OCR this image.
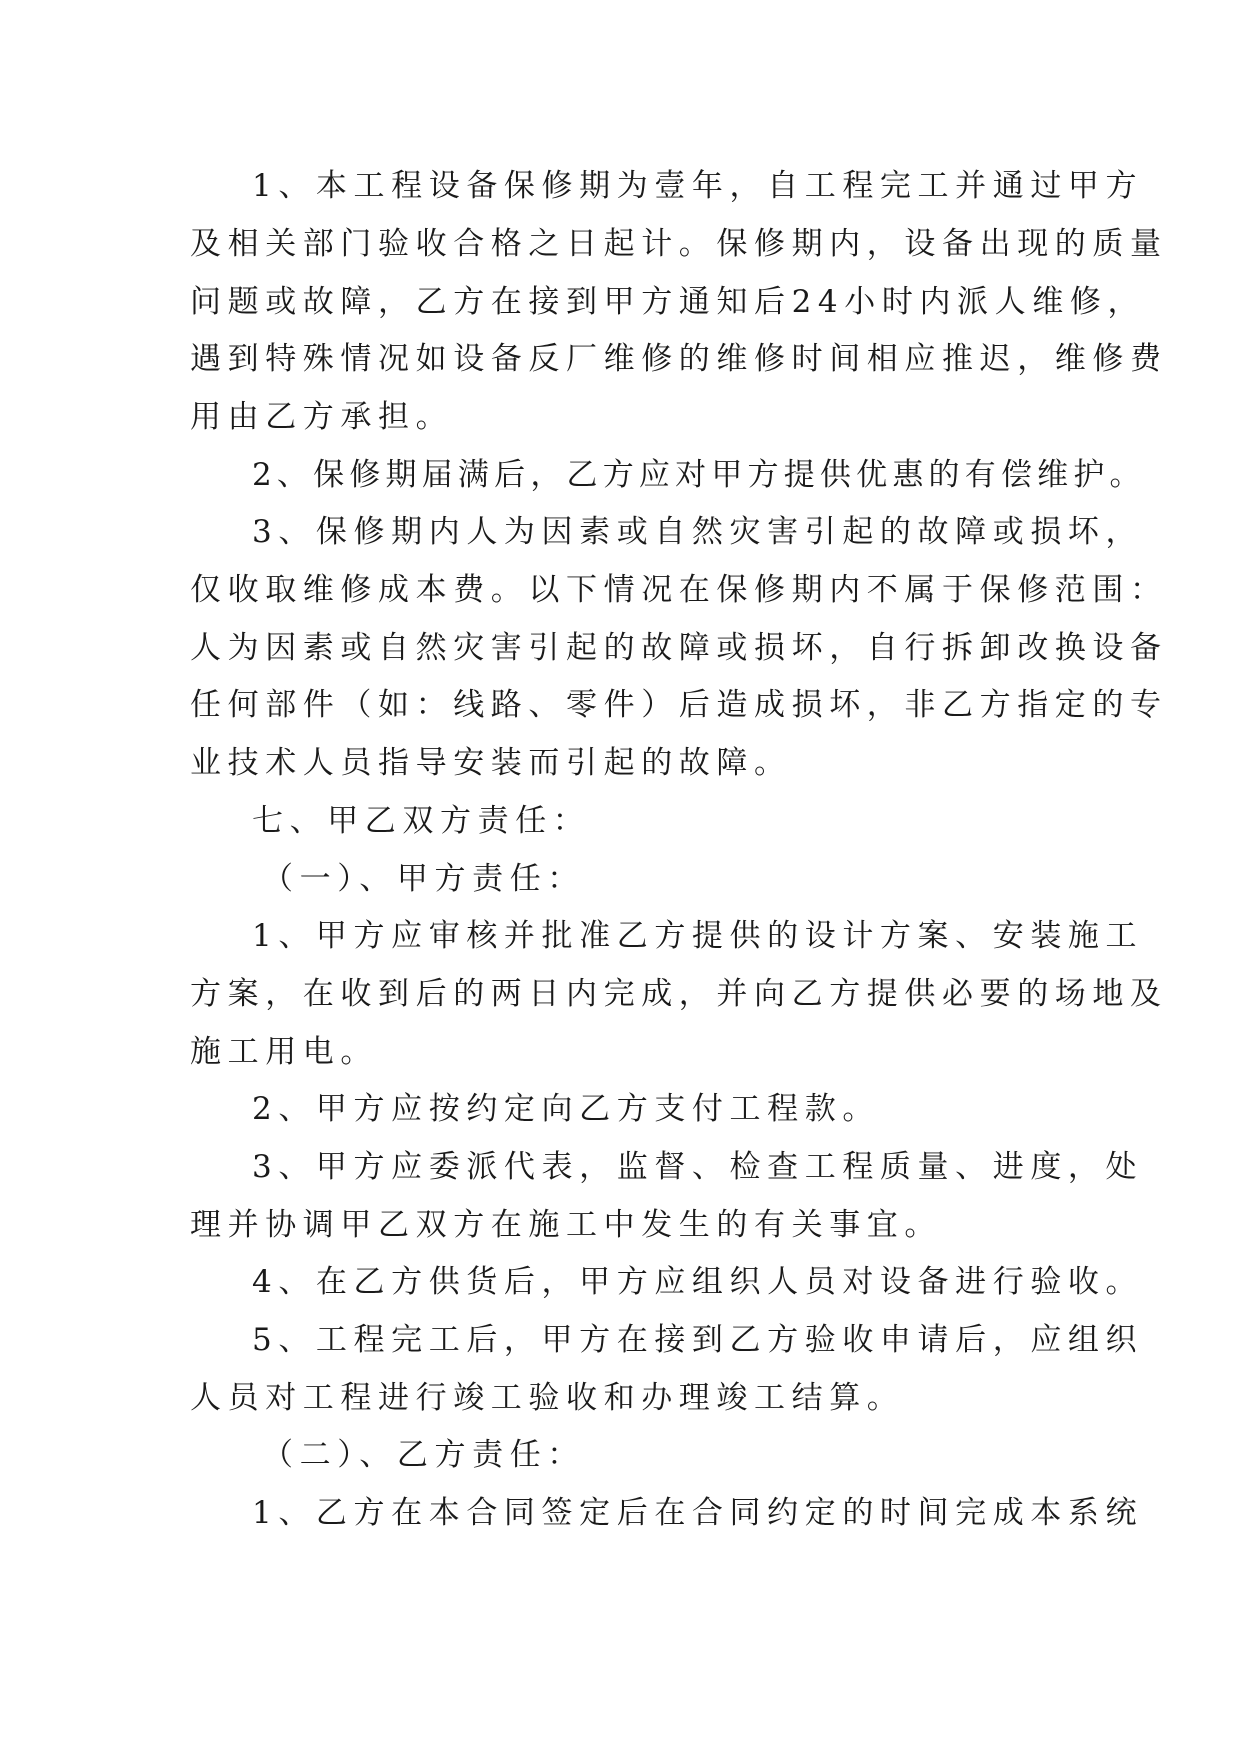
1、本工程设备保修期为壹年，自工程完工并通过甲方
及相关部门验收合格之日起计。保修期内，设备出现的质量
问题或故障，乙方在接到甲方通知后24小时内派人维修，
遇到特殊情况如设备反厂维修的维修时间相应推迟，维修费
用由乙方承担。
2、保修期届满后，乙方应对甲方提供优惠的有偿维护。
3、保修期内人为因素或自然灾害引起的故障或损坏，
仅收取维修成本费。以下情况在保修期内不属于保修范围：
人为因素或自然灾害引起的故障或损坏，自行拆卸改换设备
任何部件（如：线路、零件）后造成损坏，非乙方指定的专
业技术人员指导安装而引起的故障。
七、甲乙双方责任：
（一）、甲方责任：
1、甲方应审核并批准乙方提供的设计方案、安装施工
方案，在收到后的两日内完成，并向乙方提供必要的场地及
施工用电。
2、甲方应按约定向乙方支付工程款。
3、甲方应委派代表，监督、检查工程质量、进度，处
理并协调甲乙双方在施工中发生的有关事宜。
4、在乙方供货后，甲方应组织人员对设备进行验收。
5、工程完工后，甲方在接到乙方验收申请后，应组织
人员对工程进行竣工验收和办理竣工结算。
（二）、乙方责任：
1、乙方在本合同签定后在合同约定的时间完成本系统
